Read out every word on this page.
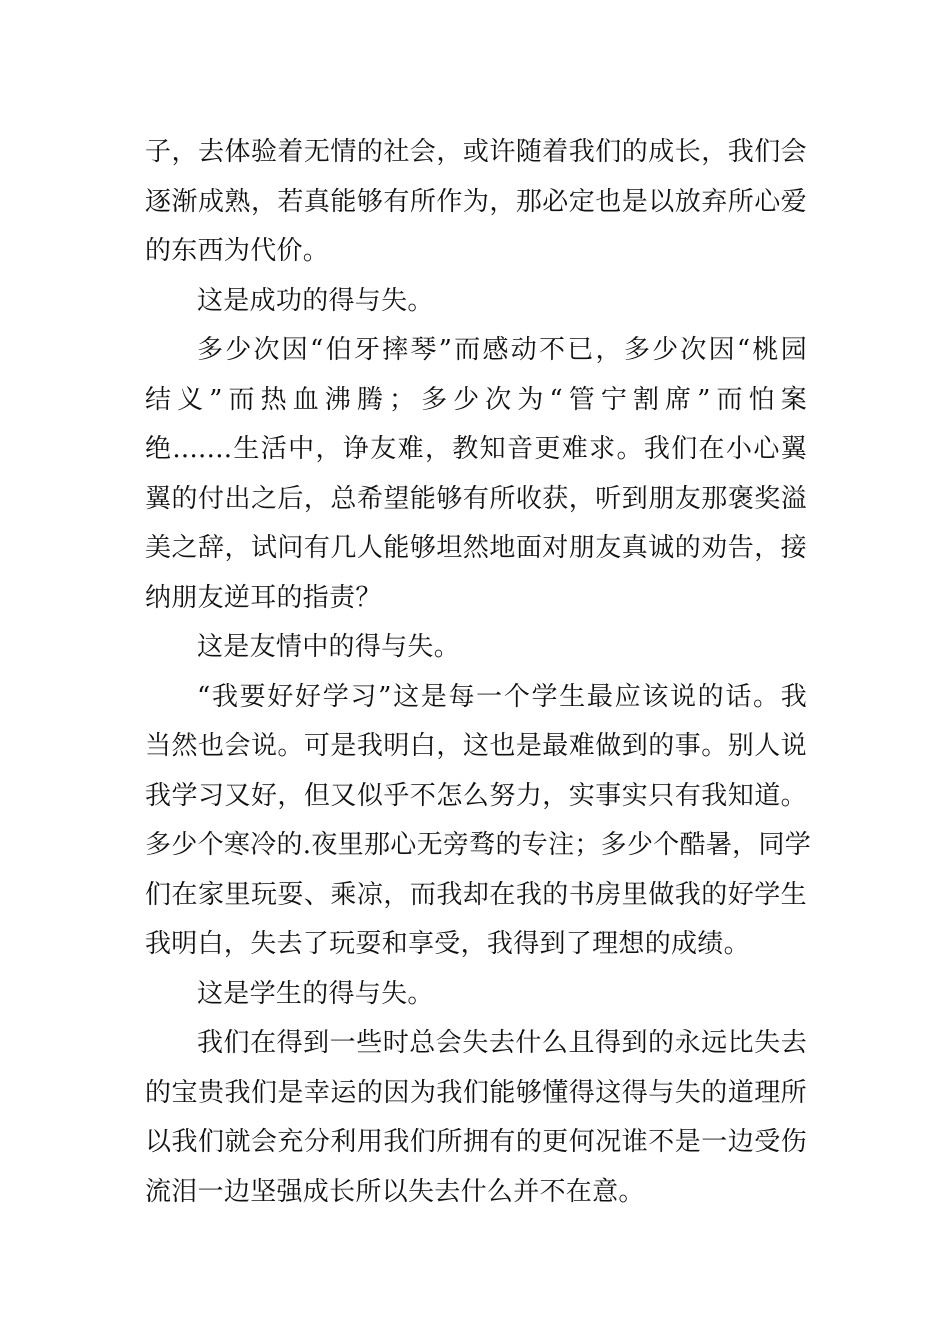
子，去体验着无情的社会，或许随着我们的成长，我们会
逐渐成熟，若真能够有所作为，那必定也是以放弃所心爱
的东西为代价。

这是成功的得与失。

多少次因“伯牙摔琴”而感动不已，多少次因“桃园
结义”而热血沸腾；多少次为“管宁割席”而怕案
绝.......生活中，诤友难，教知音更难求。我们在小心翼
翼的付出之后，总希望能够有所收获，听到朋友那褒奖溢
美之辞，试问有几人能够坦然地面对朋友真诚的劝告，接
纳朋友逆耳的指责？

这是友情中的得与失。

“我要好好学习”这是每一个学生最应该说的话。我
当然也会说。可是我明白，这也是最难做到的事。别人说
我学习又好，但又似乎不怎么努力，实事实只有我知道。
多少个寒冷的.夜里那心无旁骛的专注；多少个酷暑，同学
们在家里玩耍、乘凉，而我却在我的书房里做我的好学生
我明白，失去了玩耍和享受，我得到了理想的成绩。

这是学生的得与失。

我们在得到一些时总会失去什么且得到的永远比失去
的宝贵我们是幸运的因为我们能够懂得这得与失的道理所
以我们就会充分利用我们所拥有的更何况谁不是一边受伤
流泪一边坚强成长所以失去什么并不在意。
